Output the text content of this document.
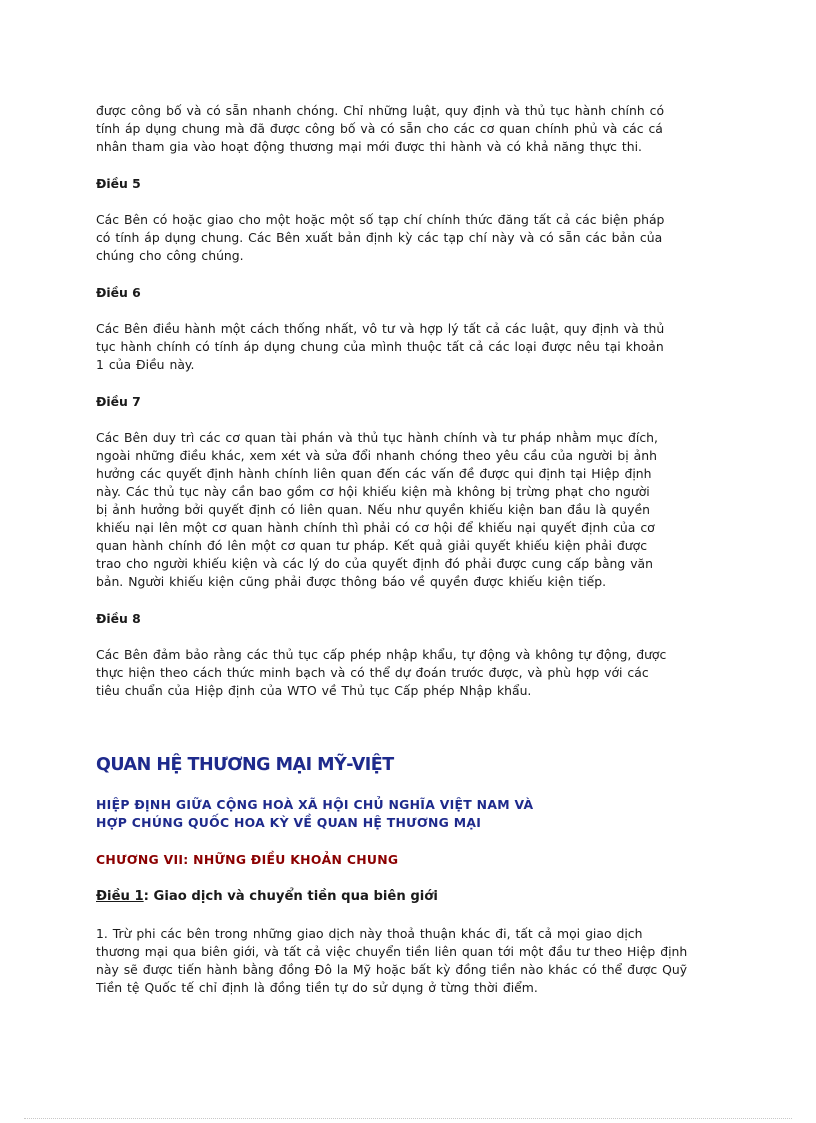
được công bố và có sẵn nhanh chóng. Chỉ những luật, quy định và thủ tục hành chính có

tính áp dụng chung mà đã được công bố và có sẵn cho các cơ quan chính phủ và các cá

nhân tham gia vào hoạt động thương mại mới được thi hành và có khả năng thực thi.

Điều 5

Các Bên có hoặc giao cho một hoặc một số tạp chí chính thức đăng tất cả các biện pháp

có tính áp dụng chung. Các Bên xuất bản định kỳ các tạp chí này và có sẵn các bản của

chúng cho công chúng.

Điều 6

Các Bên điều hành một cách thống nhất, vô tư và hợp lý tất cả các luật, quy định và thủ

tục hành chính có tính áp dụng chung của mình thuộc tất cả các loại được nêu tại khoản

1 của Điều này.

Điều 7

Các Bên duy trì các cơ quan tài phán và thủ tục hành chính và tư pháp nhằm mục đích,

ngoài những điều khác, xem xét và sửa đổi nhanh chóng theo yêu cầu của người bị ảnh

hưởng các quyết định hành chính liên quan đến các vấn đề được qui định tại Hiệp định

này. Các thủ tục này cần bao gồm cơ hội khiếu kiện mà không bị trừng phạt cho người

bị ảnh hưởng bởi quyết định có liên quan. Nếu như quyền khiếu kiện ban đầu là quyền

khiếu nại lên một cơ quan hành chính thì phải có cơ hội để khiếu nại quyết định của cơ

quan hành chính đó lên một cơ quan tư pháp. Kết quả giải quyết khiếu kiện phải được

trao cho người khiếu kiện và các lý do của quyết định đó phải được cung cấp bằng văn

bản. Người khiếu kiện cũng phải được thông báo về quyền được khiếu kiện tiếp.

Điều 8

Các Bên đảm bảo rằng các thủ tục cấp phép nhập khẩu, tự động và không tự động, được

thực hiện theo cách thức minh bạch và có thể dự đoán trước được, và phù hợp với các

tiêu chuẩn của Hiệp định của WTO về Thủ tục Cấp phép Nhập khẩu.

QUAN HỆ THƯƠNG MẠI MỸ-VIỆT

HIỆP ĐỊNH GIỮA CỘNG HOÀ XÃ HỘI CHỦ NGHĨA VIỆT NAM VÀ

HỢP CHÚNG QUỐC HOA KỲ VỀ QUAN HỆ THƯƠNG MẠI

CHƯƠNG VII: NHỮNG ĐIỀU KHOẢN CHUNG

Điều 1: Giao dịch và chuyển tiền qua biên giới

1. Trừ phi các bên trong những giao dịch này thoả thuận khác đi, tất cả mọi giao dịch

thương mại qua biên giới, và tất cả việc chuyển tiền liên quan tới một đầu tư theo Hiệp định

này sẽ được tiến hành bằng đồng Đô la Mỹ hoặc bất kỳ đồng tiền nào khác có thể được Quỹ

Tiền tệ Quốc tế chỉ định là đồng tiền tự do sử dụng ở từng thời điểm.
